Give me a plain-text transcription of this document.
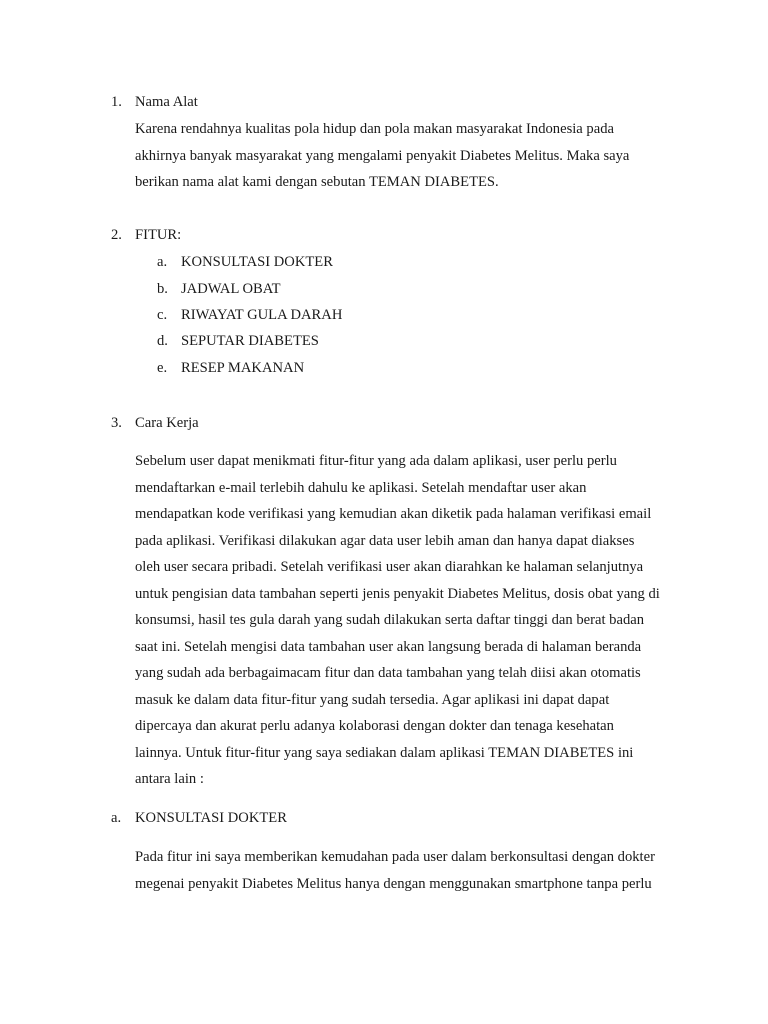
1. Nama Alat
Karena rendahnya kualitas pola hidup dan pola makan masyarakat Indonesia pada
akhirnya banyak masyarakat yang mengalami penyakit Diabetes Melitus. Maka saya
berikan nama alat kami dengan sebutan TEMAN DIABETES.
2. FITUR:
a. KONSULTASI DOKTER
b. JADWAL OBAT
c. RIWAYAT GULA DARAH
d. SEPUTAR DIABETES
e. RESEP MAKANAN
3. Cara Kerja
Sebelum user dapat menikmati fitur-fitur yang ada dalam aplikasi, user perlu perlu
mendaftarkan e-mail terlebih dahulu ke aplikasi. Setelah mendaftar user akan
mendapatkan kode verifikasi yang kemudian akan diketik pada halaman verifikasi email
pada aplikasi. Verifikasi dilakukan agar data user lebih aman dan hanya dapat diakses
oleh user secara pribadi. Setelah verifikasi user akan diarahkan ke halaman selanjutnya
untuk pengisian data tambahan seperti jenis penyakit Diabetes Melitus, dosis obat yang di
konsumsi, hasil tes gula darah yang sudah dilakukan serta daftar tinggi dan berat badan
saat ini. Setelah mengisi data tambahan user akan langsung berada di halaman beranda
yang sudah ada berbagaimacam fitur dan data tambahan yang telah diisi akan otomatis
masuk ke dalam data fitur-fitur yang sudah tersedia. Agar aplikasi ini dapat dapat
dipercaya dan akurat perlu adanya kolaborasi dengan dokter dan tenaga kesehatan
lainnya. Untuk fitur-fitur yang saya sediakan dalam aplikasi TEMAN DIABETES ini
antara lain :
a. KONSULTASI DOKTER
Pada fitur ini saya memberikan kemudahan pada user dalam berkonsultasi dengan dokter
megenai penyakit Diabetes Melitus hanya dengan menggunakan smartphone tanpa perlu
